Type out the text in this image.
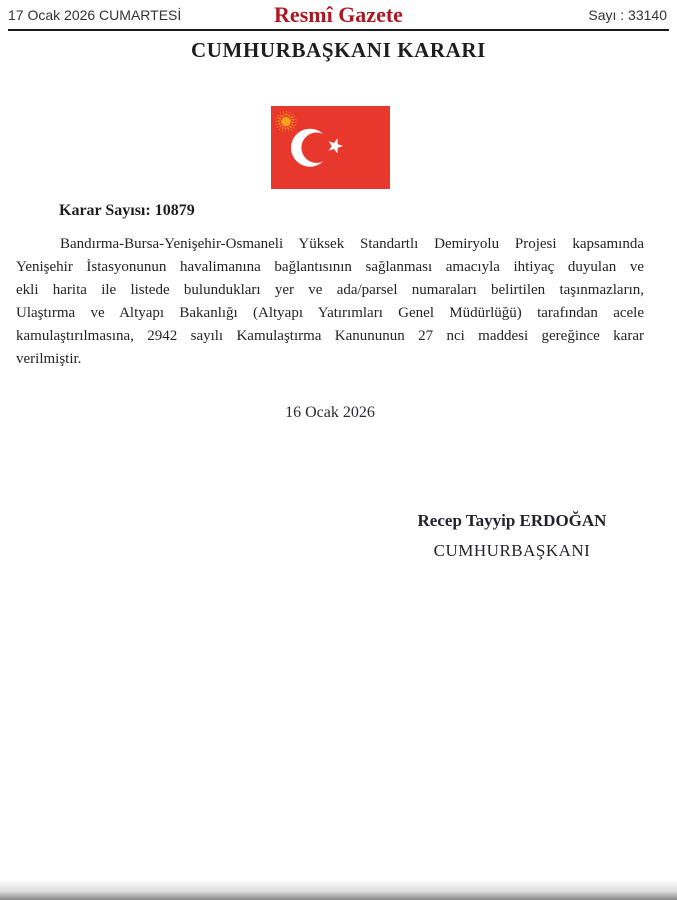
17 Ocak 2026 CUMARTESİ	Resmî Gazete	Sayı : 33140
CUMHURBAŞKANI KARARI
Karar Sayısı: 10879
Bandırma-Bursa-Yenişehir-Osmaneli Yüksek Standartlı Demiryolu Projesi kapsamında
Yenişehir İstasyonunun havalimanına bağlantısının sağlanması amacıyla ihtiyaç duyulan ve
ekli harita ile listede bulundukları yer ve ada/parsel numaraları belirtilen taşınmazların,
Ulaştırma ve Altyapı Bakanlığı (Altyapı Yatırımları Genel Müdürlüğü) tarafından acele
kamulaştırılmasına, 2942 sayılı Kamulaştırma Kanununun 27 nci maddesi gereğince karar
verilmiştir.
16 Ocak 2026
Recep Tayyip ERDOĞAN
CUMHURBAŞKANI
